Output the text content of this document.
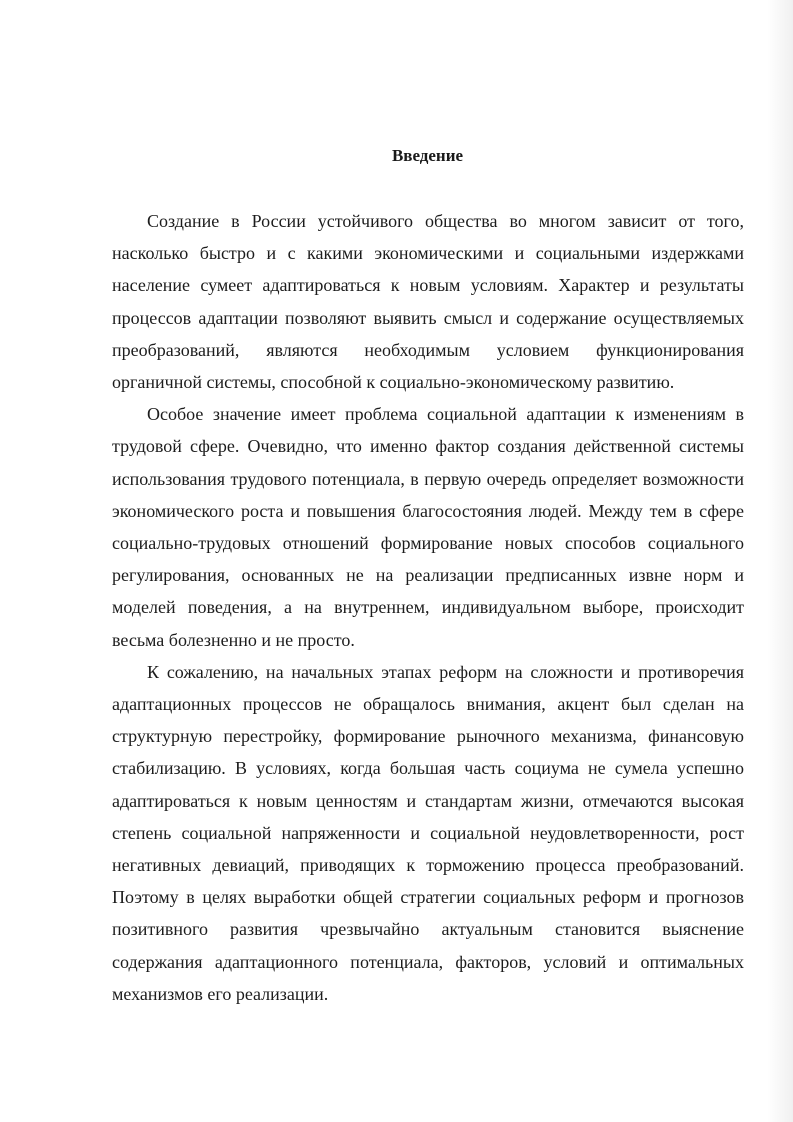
Введение

Создание в России устойчивого общества во многом зависит от того, насколько быстро и с какими экономическими и социальными издержками население сумеет адаптироваться к новым условиям. Характер и результаты процессов адаптации позволяют выявить смысл и содержание осуществляемых преобразований, являются необходимым условием функционирования органичной системы, способной к социально-экономическому развитию.

Особое значение имеет проблема социальной адаптации к изменениям в трудовой сфере. Очевидно, что именно фактор создания действенной системы использования трудового потенциала, в первую очередь определяет возможности экономического роста и повышения благосостояния людей. Между тем в сфере социально-трудовых отношений формирование новых способов социального регулирования, основанных не на реализации предписанных извне норм и моделей поведения, а на внутреннем, индивидуальном выборе, происходит весьма болезненно и не просто.

К сожалению, на начальных этапах реформ на сложности и противоречия адаптационных процессов не обращалось внимания, акцент был сделан на структурную перестройку, формирование рыночного механизма, финансовую стабилизацию. В условиях, когда большая часть социума не сумела успешно адаптироваться к новым ценностям и стандартам жизни, отмечаются высокая степень социальной напряженности и социальной неудовлетворенности, рост негативных девиаций, приводящих к торможению процесса преобразований. Поэтому в целях выработки общей стратегии социальных реформ и прогнозов позитивного развития чрезвычайно актуальным становится выяснение содержания адаптационного потенциала, факторов, условий и оптимальных механизмов его реализации.
